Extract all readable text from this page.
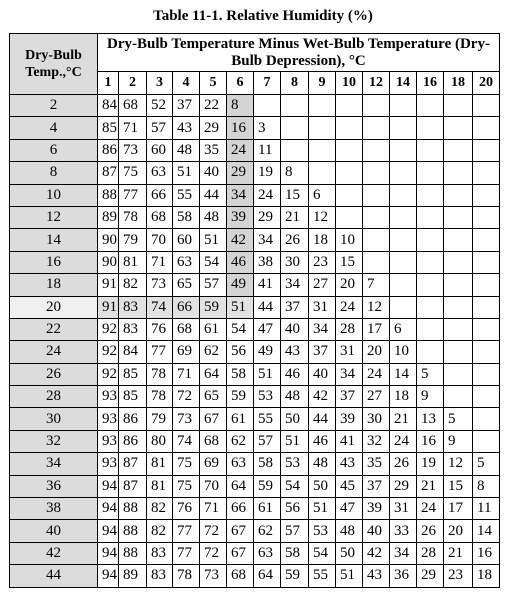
Table 11-1. Relative Humidity (%)
Dry-Bulb Temp.,°C	Dry-Bulb Temperature Minus Wet-Bulb Temperature (Dry-Bulb Depression), °C														
	1	2	3	4	5	6	7	8	9	10	12	14	16	18	20
2	84	68	52	37	22	8									
4	85	71	57	43	29	16	3								
6	86	73	60	48	35	24	11								
8	87	75	63	51	40	29	19	8							
10	88	77	66	55	44	34	24	15	6						
12	89	78	68	58	48	39	29	21	12						
14	90	79	70	60	51	42	34	26	18	10					
16	90	81	71	63	54	46	38	30	23	15					
18	91	82	73	65	57	49	41	34	27	20	7				
20	91	83	74	66	59	51	44	37	31	24	12				
22	92	83	76	68	61	54	47	40	34	28	17	6			
24	92	84	77	69	62	56	49	43	37	31	20	10			
26	92	85	78	71	64	58	51	46	40	34	24	14	5		
28	93	85	78	72	65	59	53	48	42	37	27	18	9		
30	93	86	79	73	67	61	55	50	44	39	30	21	13	5	
32	93	86	80	74	68	62	57	51	46	41	32	24	16	9	
34	93	87	81	75	69	63	58	53	48	43	35	26	19	12	5
36	94	87	81	75	70	64	59	54	50	45	37	29	21	15	8
38	94	88	82	76	71	66	61	56	51	47	39	31	24	17	11
40	94	88	82	77	72	67	62	57	53	48	40	33	26	20	14
42	94	88	83	77	72	67	63	58	54	50	42	34	28	21	16
44	94	89	83	78	73	68	64	59	55	51	43	36	29	23	18
